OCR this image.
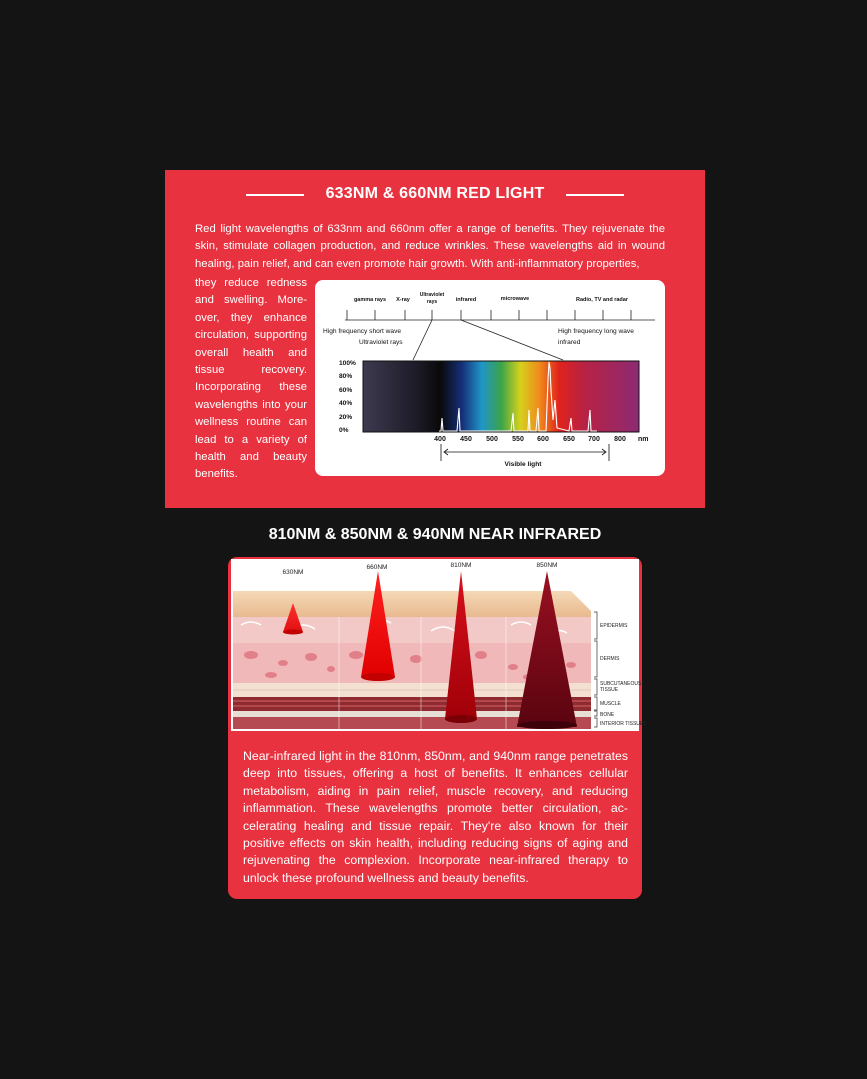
633NM & 660NM RED LIGHT
Red light wavelengths of 633nm and 660nm offer a range of benefits. They rejuvenate the skin, stimulate collagen production, and reduce wrinkles. These wavelengths aid in wound healing, pain relief, and can even promote hair growth. With anti-inflammatory properties,
they reduce redness and swelling. Moreover, they enhance circulation, supporting overall health and tissue recovery. Incorporating these wavelengths into your wellness routine can lead to a variety of health and beauty benefits.
gamma rays X-ray
Ultraviolet
rays	infrared	microwave	Radio, TV and radar
High frequency short wave
Ultraviolet rays
High frequency long wave
infrared
100%
80%
60%
40%
20%
0%
400 450 500 550 600 650 700 800 nm
Visible light
810NM & 850NM & 940NM NEAR INFRARED
630NM
660NM	810NM	850NM
EPIDERMIS
DERMIS
SUBCUTANEOUS
TISSUE
MUSCLE
BONE
INTERIOR TISSUES
Near-infrared light in the 810nm, 850nm, and 940nm range penetrates deep into tissues, offering a host of benefits. It enhances cellular metabolism, aiding in pain relief, muscle recovery, and reducing inflammation. These wavelengths promote better circulation, accelerating healing and tissue repair. They're also known for their positive effects on skin health, including reducing signs of aging and rejuvenating the complexion. Incorporate near-infrared therapy to unlock these profound wellness and beauty benefits.
